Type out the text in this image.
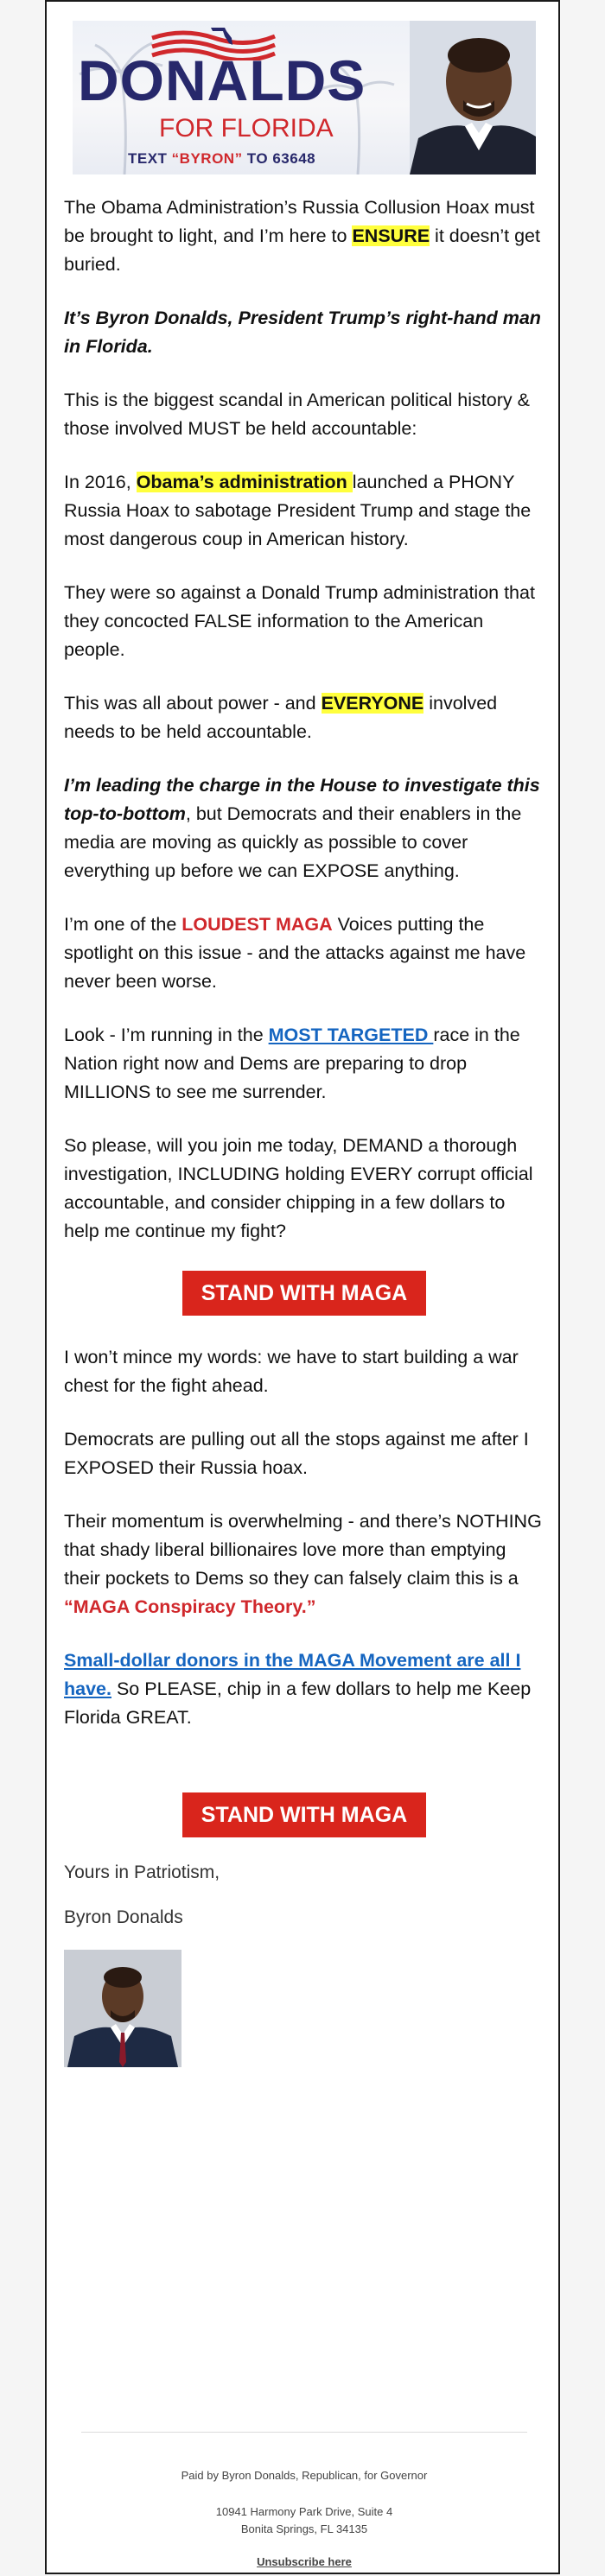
DONALDS
FOR FLORIDA
TEXT “BYRON” TO 63648

The Obama Administration’s Russia Collusion Hoax must be brought to light, and I’m here to ENSURE it doesn’t get buried.

It’s Byron Donalds, President Trump’s right-hand man in Florida.

This is the biggest scandal in American political history & those involved MUST be held accountable:

In 2016, Obama’s administration launched a PHONY Russia Hoax to sabotage President Trump and stage the most dangerous coup in American history.

They were so against a Donald Trump administration that they concocted FALSE information to the American people.

This was all about power - and EVERYONE involved needs to be held accountable.

I’m leading the charge in the House to investigate this top-to-bottom, but Democrats and their enablers in the media are moving as quickly as possible to cover everything up before we can EXPOSE anything.

I’m one of the LOUDEST MAGA Voices putting the spotlight on this issue - and the attacks against me have never been worse.

Look - I’m running in the MOST TARGETED race in the Nation right now and Dems are preparing to drop MILLIONS to see me surrender.

So please, will you join me today, DEMAND a thorough investigation, INCLUDING holding EVERY corrupt official accountable, and consider chipping in a few dollars to help me continue my fight?

STAND WITH MAGA

I won’t mince my words: we have to start building a war chest for the fight ahead.

Democrats are pulling out all the stops against me after I EXPOSED their Russia hoax.

Their momentum is overwhelming - and there’s NOTHING that shady liberal billionaires love more than emptying their pockets to Dems so they can falsely claim this is a “MAGA Conspiracy Theory.”

Small-dollar donors in the MAGA Movement are all I have. So PLEASE, chip in a few dollars to help me Keep Florida GREAT.

STAND WITH MAGA
Yours in Patriotism,
Byron Donalds
Paid by Byron Donalds, Republican, for Governor
10941 Harmony Park Drive, Suite 4
Bonita Springs, FL 34135
Unsubscribe here
